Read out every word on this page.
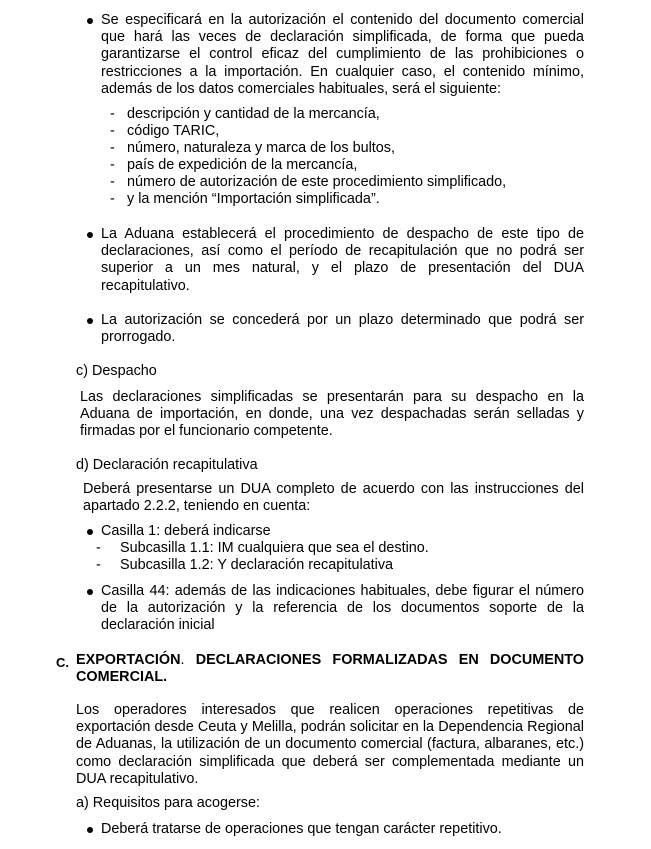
Se especificará en la autorización el contenido del documento comercial que hará las veces de declaración simplificada, de forma que pueda garantizarse el control eficaz del cumplimiento de las prohibiciones o restricciones a la importación. En cualquier caso, el contenido mínimo, además de los datos comerciales habituales, será el siguiente:
- descripción y cantidad de la mercancía,
- código TARIC,
- número, naturaleza y marca de los bultos,
- país de expedición de la mercancía,
- número de autorización de este procedimiento simplificado,
- y la mención “Importación simplificada”.
La Aduana establecerá el procedimiento de despacho de este tipo de declaraciones, así como el período de recapitulación que no podrá ser superior a un mes natural, y el plazo de presentación del DUA recapitulativo.
La autorización se concederá por un plazo determinado que podrá ser prorrogado.
c) Despacho
Las declaraciones simplificadas se presentarán para su despacho en la Aduana de importación, en donde, una vez despachadas serán selladas y firmadas por el funcionario competente.
d) Declaración recapitulativa
Deberá presentarse un DUA completo de acuerdo con las instrucciones del apartado 2.2.2, teniendo en cuenta:
Casilla 1: deberá indicarse
- Subcasilla 1.1: IM cualquiera que sea el destino.
- Subcasilla 1.2: Y declaración recapitulativa
Casilla 44: además de las indicaciones habituales, debe figurar el número de la autorización y la referencia de los documentos soporte de la declaración inicial
C. EXPORTACIÓN. DECLARACIONES FORMALIZADAS EN DOCUMENTO COMERCIAL.
Los operadores interesados que realicen operaciones repetitivas de exportación desde Ceuta y Melilla, podrán solicitar en la Dependencia Regional de Aduanas, la utilización de un documento comercial (factura, albaranes, etc.) como declaración simplificada que deberá ser complementada mediante un DUA recapitulativo.
a) Requisitos para acogerse:
Deberá tratarse de operaciones que tengan carácter repetitivo.
